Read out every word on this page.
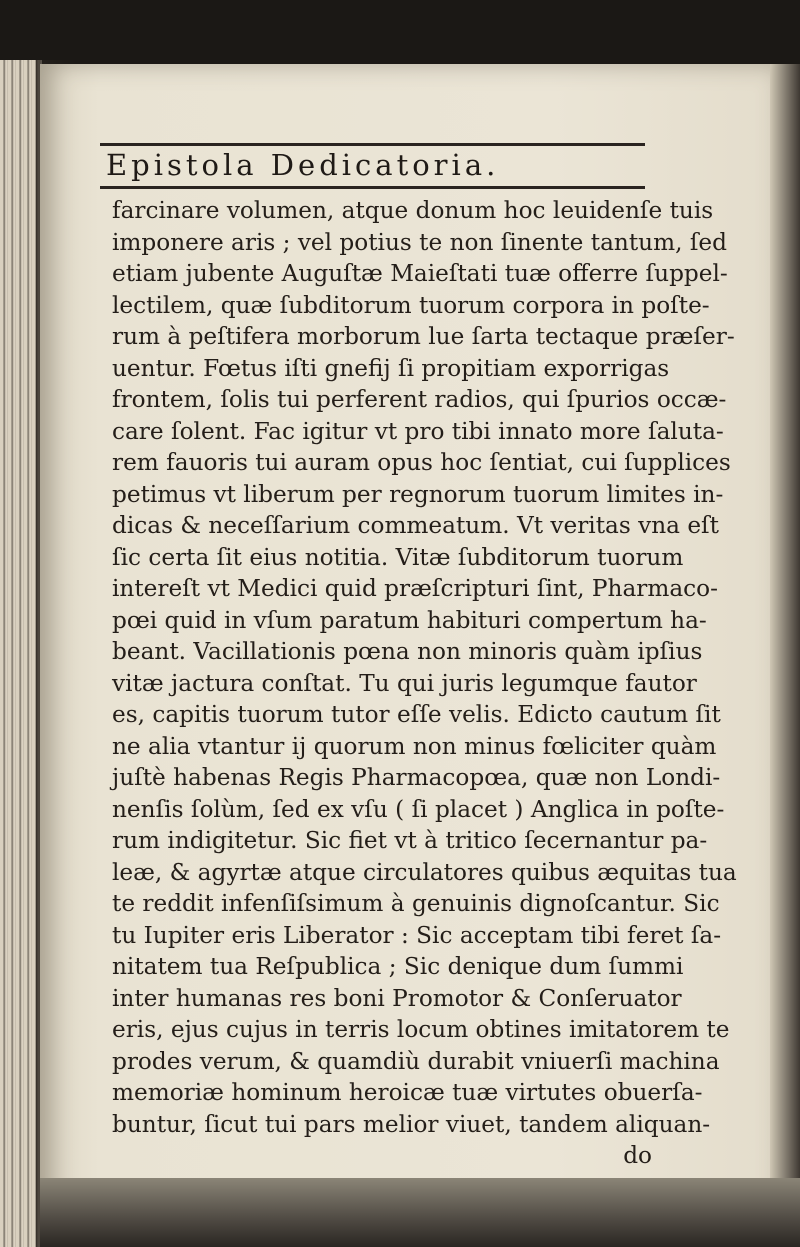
Epistola Dedicatoria.
farcinare volumen, atque donum hoc leuidenſe tuis
imponere aris ; vel potius te non ſinente tantum, ſed
etiam jubente Auguſtæ Maieſtati tuæ offerre ſuppel-
lectilem, quæ ſubditorum tuorum corpora in poſte-
rum à peſtifera morborum lue ſarta tectaque præſer-
uentur. Fœtus iſti gnefij ſi propitiam exporrigas
frontem, ſolis tui perferent radios, qui ſpurios occæ-
care ſolent. Fac igitur vt pro tibi innato more ſaluta-
rem fauoris tui auram opus hoc ſentiat, cui ſupplices
petimus vt liberum per regnorum tuorum limites in-
dicas & neceſſarium commeatum. Vt veritas vna eſt
ſic certa ſit eius notitia. Vitæ ſubditorum tuorum
intereſt vt Medici quid præſcripturi ſint, Pharmaco-
pœi quid in vſum paratum habituri compertum ha-
beant. Vacillationis pœna non minoris quàm ipſius
vitæ jactura conſtat. Tu qui juris legumque fautor
es, capitis tuorum tutor eſſe velis. Edicto cautum ſit
ne alia vtantur ij quorum non minus fœliciter quàm
juſtè habenas Regis Pharmacopœa, quæ non Londi-
nenſis ſolùm, ſed ex vſu ( ſi placet ) Anglica in poſte-
rum indigitetur. Sic fiet vt à tritico ſecernantur pa-
leæ, & agyrtæ atque circulatores quibus æquitas tua
te reddit infenſiſsimum à genuinis dignoſcantur. Sic
tu Iupiter eris Liberator : Sic acceptam tibi feret ſa-
nitatem tua Reſpublica ; Sic denique dum ſummi
inter humanas res boni Promotor & Conſeruator
eris, ejus cujus in terris locum obtines imitatorem te
prodes verum, & quamdiù durabit vniuerſi machina
memoriæ hominum heroicæ tuæ virtutes obuerſa-
buntur, ſicut tui pars melior viuet, tandem aliquan-
do
